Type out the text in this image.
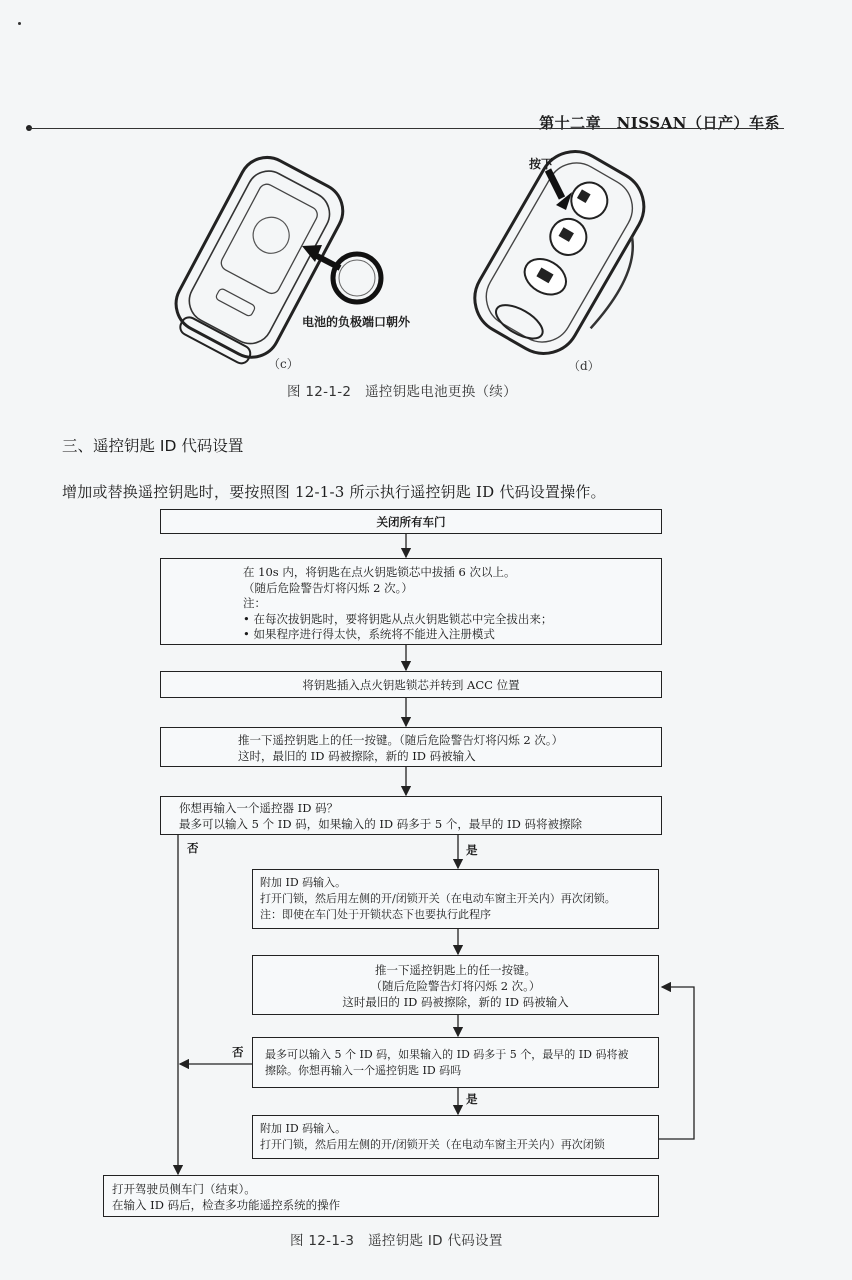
第十二章　NISSAN（日产）车系
电池的负极端口朝外
按下
（c）	（d）
图 12-1-2　遥控钥匙电池更换（续）
三、遥控钥匙 ID 代码设置
增加或替换遥控钥匙时，要按照图 12-1-3 所示执行遥控钥匙 ID 代码设置操作。

关闭所有车门

在 10s 内，将钥匙在点火钥匙锁芯中拔插 6 次以上。

（随后危险警告灯将闪烁 2 次。）

注：

• 在每次拔钥匙时，要将钥匙从点火钥匙锁芯中完全拔出来；

• 如果程序进行得太快，系统将不能进入注册模式

将钥匙插入点火钥匙锁芯并转到 ACC 位置

推一下遥控钥匙上的任一按键。（随后危险警告灯将闪烁 2 次。）

这时，最旧的 ID 码被擦除，新的 ID 码被输入

你想再输入一个遥控器 ID 码？

最多可以输入 5 个 ID 码，如果输入的 ID 码多于 5 个，最早的 ID 码将被擦除

否	是

附加 ID 码输入。

打开门锁，然后用左侧的开/闭锁开关（在电动车窗主开关内）再次闭锁。

注：即使在车门处于开锁状态下也要执行此程序

推一下遥控钥匙上的任一按键。

（随后危险警告灯将闪烁 2 次。）

这时最旧的 ID 码被擦除，新的 ID 码被输入

否 最多可以输入 5 个 ID 码，如果输入的 ID 码多于 5 个，最早的 ID 码将被

擦除。你想再输入一个遥控钥匙 ID 码吗

是

附加 ID 码输入。

打开门锁，然后用左侧的开/闭锁开关（在电动车窗主开关内）再次闭锁

打开驾驶员侧车门（结束）。

在输入 ID 码后，检查多功能遥控系统的操作

图 12-1-3　遥控钥匙 ID 代码设置
